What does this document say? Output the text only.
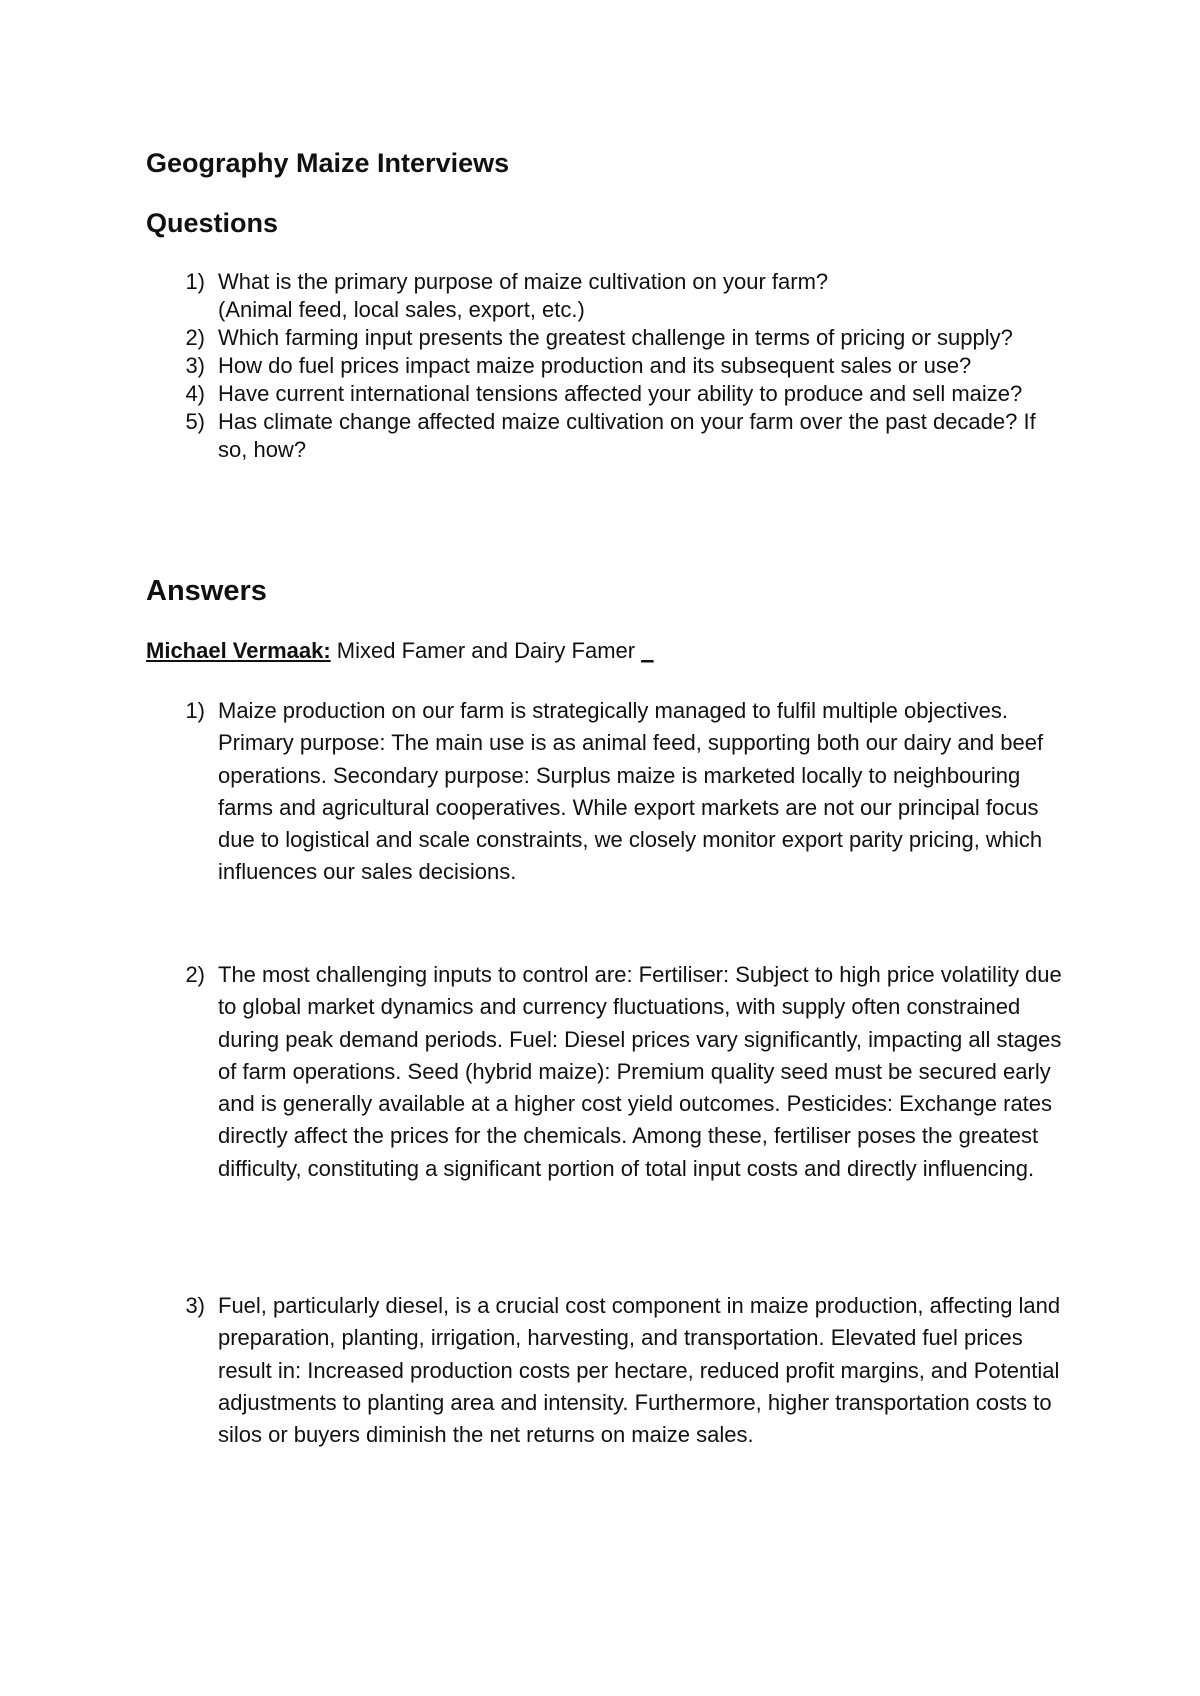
Geography Maize Interviews
Questions
1) What is the primary purpose of maize cultivation on your farm?
(Animal feed, local sales, export, etc.)
2) Which farming input presents the greatest challenge in terms of pricing or supply?
3) How do fuel prices impact maize production and its subsequent sales or use?
4) Have current international tensions affected your ability to produce and sell maize?
5) Has climate change affected maize cultivation on your farm over the past decade? If so, how?
Answers

Michael Vermaak: Mixed Famer and Dairy Famer _

1) Maize production on our farm is strategically managed to fulfil multiple objectives. Primary purpose: The main use is as animal feed, supporting both our dairy and beef operations. Secondary purpose: Surplus maize is marketed locally to neighbouring farms and agricultural cooperatives. While export markets are not our principal focus due to logistical and scale constraints, we closely monitor export parity pricing, which influences our sales decisions.
2) The most challenging inputs to control are: Fertiliser: Subject to high price volatility due to global market dynamics and currency fluctuations, with supply often constrained during peak demand periods. Fuel: Diesel prices vary significantly, impacting all stages of farm operations. Seed (hybrid maize): Premium quality seed must be secured early and is generally available at a higher cost yield outcomes. Pesticides: Exchange rates directly affect the prices for the chemicals. Among these, fertiliser poses the greatest difficulty, constituting a significant portion of total input costs and directly influencing.
3) Fuel, particularly diesel, is a crucial cost component in maize production, affecting land preparation, planting, irrigation, harvesting, and transportation. Elevated fuel prices result in: Increased production costs per hectare, reduced profit margins, and Potential adjustments to planting area and intensity. Furthermore, higher transportation costs to silos or buyers diminish the net returns on maize sales.
